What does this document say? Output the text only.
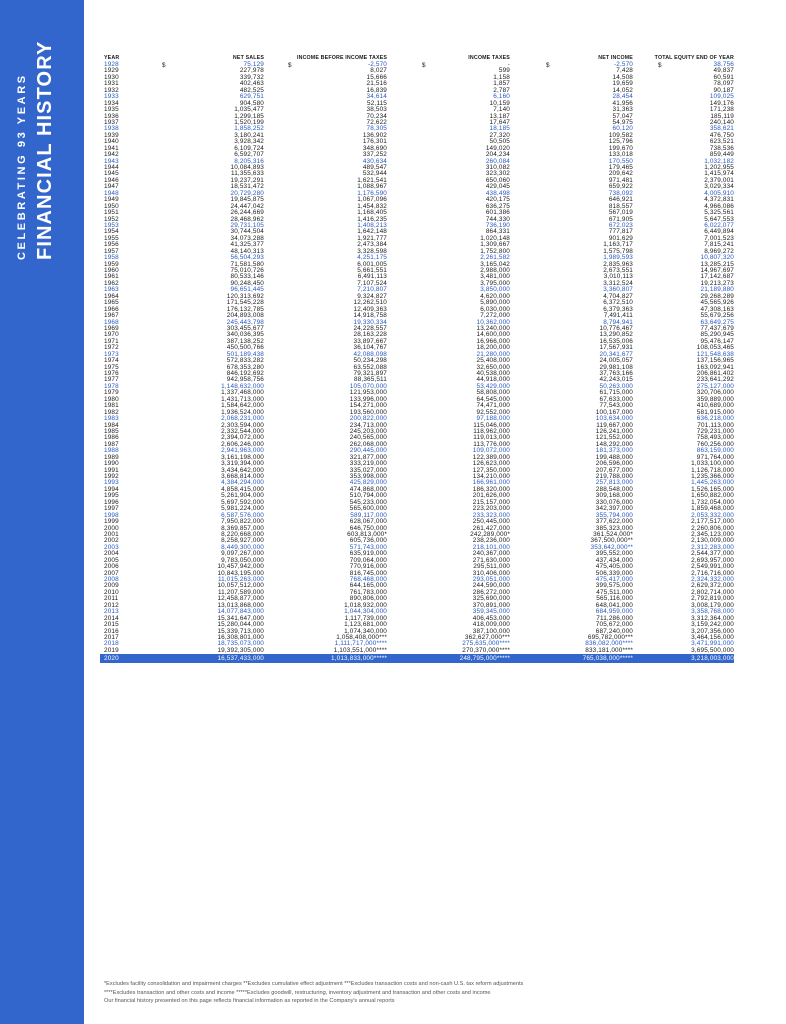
CELEBRATING 93 YEARS FINANCIAL HISTORY	YEAR	NET SALES	INCOME BEFORE INCOME TAXES	INCOME TAXES	NET INCOME	TOTAL EQUITY END OF YEAR
$	$	$	$	$
1928	75,129	-2,570	-	-2,570	38,756
1929	227,978	8,027	599	7,428	49,837
1930	339,732	15,666	1,158	14,508	60,591
1931	402,463	21,516	1,857	19,659	78,097
1932	482,525	16,839	2,787	14,052	90,187
1933	629,751	34,614	6,160	28,454	109,025
1934	904,580	52,115	10,159	41,956	149,176
1935	1,035,477	38,503	7,140	31,363	171,238
1936	1,299,185	70,234	13,187	57,047	185,119
1937	1,520,199	72,622	17,647	54,975	240,140
1938	1,858,252	78,305	18,185	60,120	358,621
1939	3,180,241	136,902	27,320	109,582	476,750
1940	3,928,342	176,301	50,505	125,796	623,521
1941	6,109,724	348,690	149,020	199,670	738,536
1942	6,592,707	337,252	204,234	133,018	859,449
1943	8,205,316	430,634	260,084	170,550	1,032,182
1944	10,084,893	489,547	310,082	179,465	1,202,955
1945	11,355,633	532,944	323,302	209,642	1,415,974
1946	19,237,291	1,621,541	650,060	971,481	2,379,001
1947	18,531,472	1,088,967	429,045	659,922	3,029,334
1948	20,729,280	1,176,590	438,498	738,092	4,005,910
1949	19,845,875	1,067,096	420,175	646,921	4,372,831
1950	24,447,042	1,454,832	636,275	818,557	4,966,086
1951	26,244,669	1,168,405	601,386	567,019	5,325,561
1952	28,468,962	1,416,235	744,330	671,905	5,647,553
1953	29,731,105	1,408,213	736,190	672,023	6,022,077
1954	30,744,504	1,642,148	864,331	777,817	6,449,894
1955	34,073,288	1,921,777	1,020,148	901,629	7,001,523
1956	41,325,377	2,473,384	1,309,667	1,163,717	7,815,241
1957	48,140,313	3,328,598	1,752,800	1,575,798	8,969,272
1958	56,504,293	4,251,175	2,261,582	1,989,593	10,807,320
1959	71,581,580	6,001,005	3,165,042	2,835,963	13,285,215
1960	75,010,726	5,661,551	2,988,000	2,673,551	14,967,697
1961	80,533,146	6,491,113	3,481,000	3,010,113	17,142,687
1962	90,248,450	7,107,524	3,795,000	3,312,524	19,213,273
1963	96,651,445	7,210,807	3,850,000	3,360,807	21,189,880
1964	120,313,692	9,324,827	4,620,000	4,704,827	29,268,289
1965	171,545,228	12,262,510	5,890,000	6,372,510	45,565,926
1966	176,132,785	12,409,363	6,030,000	6,379,363	47,308,163
1967	204,893,008	14,918,758	7,272,000	7,491,411	55,679,256
1968	245,443,798	19,330,334	10,362,000	8,794,941	63,649,275
1969	303,455,677	24,228,557	13,240,000	10,776,467	77,437,679
1970	340,036,395	28,163,228	14,600,000	13,290,852	85,290,945
1971	387,138,252	33,897,667	16,966,000	16,535,006	95,476,147
1972	450,500,766	36,104,767	18,200,000	17,567,931	108,053,465
1973	501,189,438	42,088,098	21,280,000	20,341,677	121,548,638
1974	572,833,282	50,234,298	25,408,000	24,005,057	137,156,965
1975	678,353,280	63,552,088	32,650,000	29,981,108	163,092,941
1976	846,192,692	79,321,897	40,538,000	37,763,166	206,861,402
1977	942,958,756	88,365,511	44,918,000	42,243,015	233,641,292
1978	1,148,632,000	105,070,000	53,429,000	50,263,000	275,127,000
1979	1,337,468,000	121,953,000	58,808,000	61,715,000	320,706,000
1980	1,431,713,000	133,996,000	64,545,000	67,633,000	359,889,000
1981	1,584,642,000	154,271,000	74,471,000	77,543,000	410,689,000
1982	1,936,524,000	193,560,000	92,552,000	100,167,000	581,915,000
1983	2,068,231,000	200,822,000	97,188,000	103,634,000	636,218,000
1984	2,303,594,000	234,713,000	115,046,000	119,667,000	701,113,000
1985	2,332,544,000	245,203,000	118,962,000	126,241,000	729,231,000
1986	2,394,072,000	240,565,000	119,013,000	121,552,000	758,493,000
1987	2,606,246,000	262,068,000	113,776,000	148,292,000	760,256,000
1988	2,941,963,000	290,445,000	109,072,000	181,373,000	863,159,000
1989	3,161,198,000	321,877,000	122,389,000	199,488,000	971,764,000
1990	3,319,394,000	333,219,000	126,623,000	206,596,000	1,033,100,000
1991	3,434,642,000	335,027,000	127,350,000	207,677,000	1,126,718,000
1992	3,668,814,000	353,998,000	134,210,000	219,788,000	1,235,366,000
1993	4,384,294,000	425,829,000	166,961,000	257,813,000	1,445,263,000
1994	4,858,415,000	474,868,000	186,320,000	288,548,000	1,526,165,000
1995	5,261,904,000	510,794,000	201,626,000	309,168,000	1,650,882,000
1996	5,697,592,000	545,233,000	215,157,000	330,076,000	1,732,054,000
1997	5,981,224,000	565,600,000	223,203,000	342,397,000	1,859,468,000
1998	6,587,576,000	589,117,000	233,323,000	355,794,000	2,053,332,000
1999	7,950,822,000	628,067,000	250,445,000	377,622,000	2,177,517,000
2000	8,369,857,000	646,750,000	261,427,000	385,323,000	2,260,806,000
2001	8,220,668,000	603,813,000*	242,289,000*	361,524,000*	2,345,123,000
2002	8,258,927,000	605,736,000	238,236,000	367,500,000**	2,130,009,000
2003	8,449,300,000	571,743,000	218,101,000	353,642,000**	2,312,283,000
2004	9,097,267,000	635,919,000	240,367,000	395,552,000	2,544,377,000
2005	9,783,050,000	709,064,000	271,630,000	437,434,000	2,693,957,000
2006	10,457,942,000	770,916,000	295,511,000	475,405,000	2,549,991,000
2007	10,843,195,000	816,745,000	310,406,000	506,339,000	2,716,716,000
2008	11,015,263,000	768,468,000	293,051,000	475,417,000	2,324,332,000
2009	10,057,512,000	644,165,000	244,590,000	399,575,000	2,629,372,000
2010	11,207,589,000	761,783,000	286,272,000	475,511,000	2,802,714,000
2011	12,458,877,000	890,806,000	325,690,000	565,116,000	2,792,819,000
2012	13,013,868,000	1,018,932,000	370,891,000	648,041,000	3,008,179,000
2013	14,077,843,000	1,044,304,000	359,345,000	684,959,000	3,358,768,000
2014	15,341,647,000	1,117,739,000	406,453,000	711,286,000	3,312,364,000
2015	15,280,044,000	1,123,681,000	418,009,000	705,672,000	3,159,242,000
2016	15,339,713,000	1,074,340,000	387,100,000	687,240,000	3,207,356,000
2017	16,308,801,000	1,058,408,000***	362,627,000***	695,782,000***	3,464,156,000
2018	18,735,073,000	1,111,717,000****	275,635,000****	836,082,000****	3,471,991,000
2019	19,392,305,000	1,103,551,000****	270,370,000****	833,181,000****	3,695,500,000
2020	16,537,433,000	1,013,833,000*****	248,795,000*****	765,038,000*****	3,218,003,000
*Excludes facility consolidation and impairment charges **Excludes cumulative effect adjustment ***Excludes transaction costs and non-cash U.S. tax reform adjustments
****Excludes transaction and other costs and income *****Excludes goodwill, restructuring, inventory adjustment and transaction and other costs and income
Our financial history presented on this page reflects financial information as reported in the Company's annual reports
